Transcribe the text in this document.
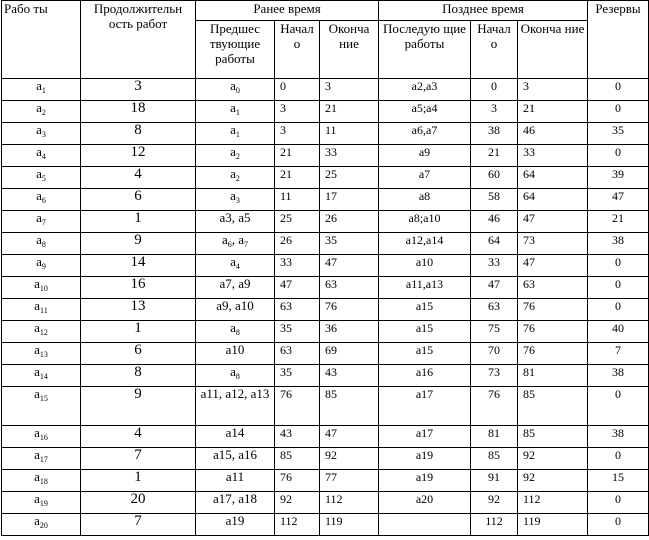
Рабо ты	Продолжительн ость работ	Ранее время			Позднее время			Резервы
		Предшес твующие работы	Начал о	Оконча ние	Последую щие работы	Начал о	Оконча ние	
$a_1$	3	$a_0$	0	3	a2,a3	0	3	0
$a_2$	18	$a_1$	3	21	a5;a4	3	21	0
$a_3$	8	$a_1$	3	11	a6,a7	38	46	35
$a_4$	12	$a_2$	21	33	a9	21	33	0
$a_5$	4	$a_2$	21	25	a7	60	64	39
$a_6$	6	$a_3$	11	17	a8	58	64	47
$a_7$	1	a3, a5	25	26	a8;a10	46	47	21
$a_8$	9	$a_6$, $a_7$	26	35	a12,a14	64	73	38
$a_9$	14	$a_4$	33	47	a10	33	47	0
$a_{10}$	16	a7, a9	47	63	a11,a13	47	63	0
$a_{11}$	13	a9, a10	63	76	a15	63	76	0
$a_{12}$	1	$a_8$	35	36	a15	75	76	40
$a_{13}$	6	a10	63	69	a15	70	76	7
$a_{14}$	8	$a_8$	35	43	a16	73	81	38
$a_{15}$	9	a11, a12, a13	76	85	a17	76	85	0
$a_{16}$	4	a14	43	47	a17	81	85	38
$a_{17}$	7	a15, a16	85	92	a19	85	92	0
$a_{18}$	1	a11	76	77	a19	91	92	15
$a_{19}$	20	a17, a18	92	112	a20	92	112	0
$a_{20}$	7	a19	112	119		112	119	0
